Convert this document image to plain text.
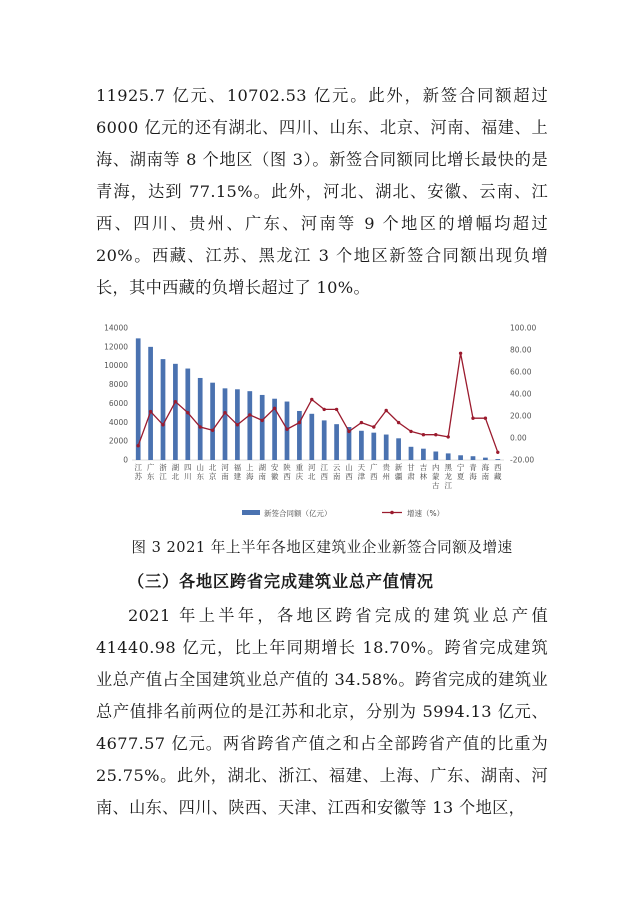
11925.7 亿元、10702.53 亿元。此外，新签合同额超过 6000 亿元的还有湖北、四川、山东、北京、河南、福建、上海、湖南等 8 个地区（图 3）。新签合同额同比增长最快的是青海，达到 77.15%。此外，河北、湖北、安徽、云南、江西、四川、贵州、广东、河南等 9 个地区的增幅均超过 20%。西藏、江苏、黑龙江 3 个地区新签合同额出现负增长，其中西藏的负增长超过了 10%。

0
2000
4000
6000
8000
10000
12000
14000
-20.00
0.00
20.00
40.00
60.00
80.00
100.00
江
苏
广
东
浙
江
湖
北
四
川
山
东
北
京
河
南
福
建
上
海
湖
南
安
徽
陕
西
重
庆
河
北
江
西
云
南
山
西
天
津
广
西
贵
州
新
疆
甘
肃
吉
林
内
蒙
古
黑
龙
江
宁
夏
青
海
海
南
西
藏
新签合同额（亿元）	增速（%）
图 3 2021 年上半年各地区建筑业企业新签合同额及增速
（三）各地区跨省完成建筑业总产值情况

2021 年上半年，各地区跨省完成的建筑业总产值 41440.98 亿元，比上年同期增长 18.70%。跨省完成建筑业总产值占全国建筑业总产值的 34.58%。跨省完成的建筑业总产值排名前两位的是江苏和北京，分别为 5994.13 亿元、4677.57 亿元。两省跨省产值之和占全部跨省产值的比重为 25.75%。此外，湖北、浙江、福建、上海、广东、湖南、河南、山东、四川、陕西、天津、江西和安徽等 13 个地区，
